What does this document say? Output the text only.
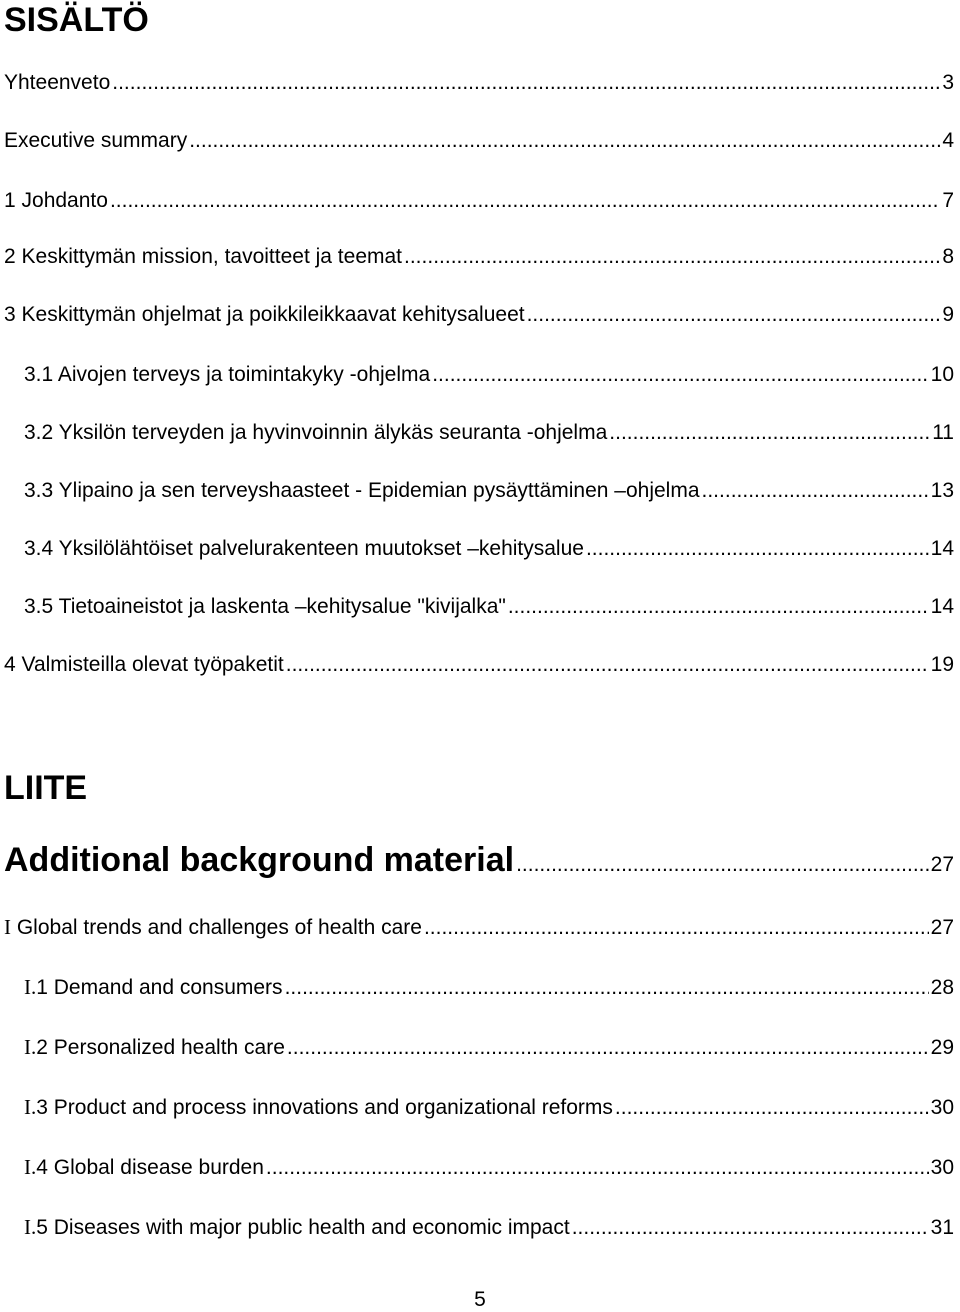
SISÄLTÖ
Yhteenveto .....	3
Executive summary .....	4
1 Johdanto .....	7
2 Keskittymän mission, tavoitteet ja teemat .....	8
3 Keskittymän ohjelmat ja poikkileikkaavat kehitysalueet .....	9
3.1 Aivojen terveys ja toimintakyky -ohjelma .....	10
3.2 Yksilön terveyden ja hyvinvoinnin älykäs seuranta -ohjelma .....	11
3.3 Ylipaino ja sen terveyshaasteet - Epidemian pysäyttäminen –ohjelma .....	13
3.4 Yksilölähtöiset palvelurakenteen muutokset –kehitysalue .....	14
3.5 Tietoaineistot ja laskenta –kehitysalue "kivijalka" .....	14
4 Valmisteilla olevat työpaketit .....	19
LIITE
Additional background material .....	27
I Global trends and challenges of health care .....	27
I.1 Demand and consumers .....	28
I.2 Personalized health care .....	29
I.3 Product and process innovations and organizational reforms .....	30
I.4 Global disease burden .....	30
I.5 Diseases with major public health and economic impact .....	31
5
